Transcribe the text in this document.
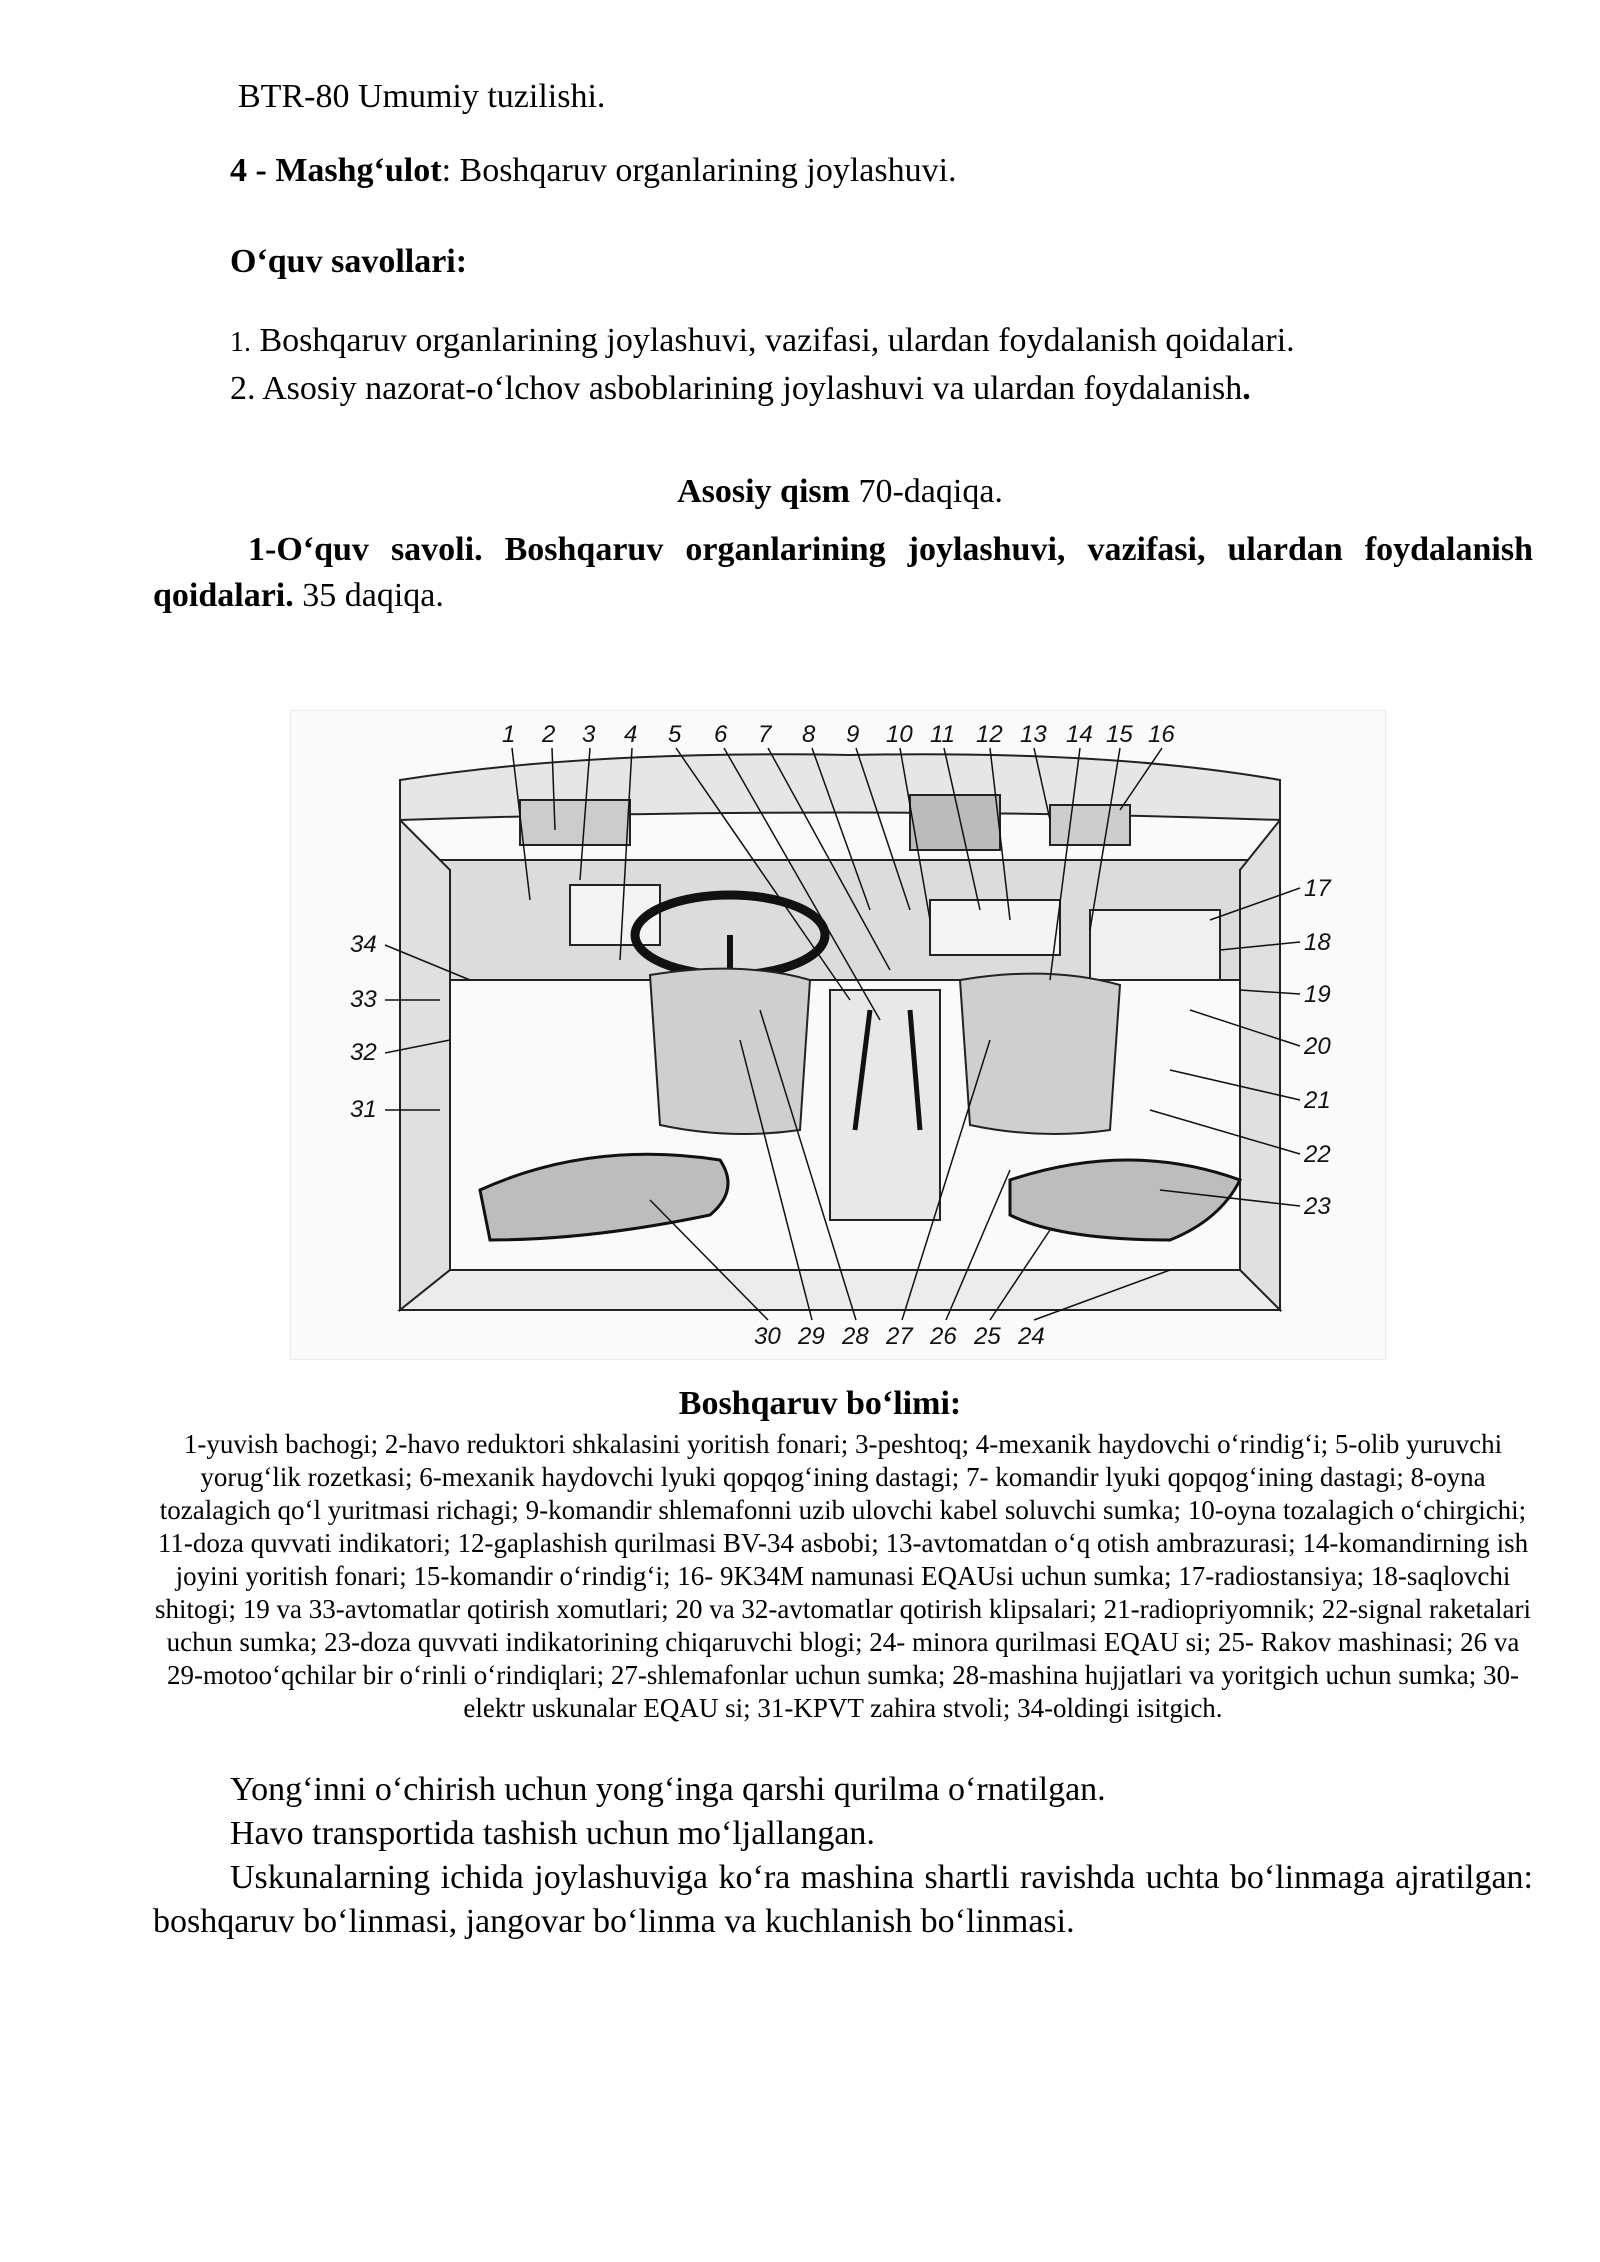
BTR-80 Umumiy tuzilishi.
4 - Mashg‘ulot: Boshqaruv organlarining joylashuvi.
O‘quv savollari:
1. Boshqaruv organlarining joylashuvi, vazifasi, ulardan foydalanish qoidalari.
2. Asosiy nazorat-o‘lchov asboblarining joylashuvi va ulardan foydalanish.
Asosiy qism 70-daqiqa.
1-O‘quv savoli. Boshqaruv organlarining joylashuvi, vazifasi, ulardan foydalanish qoidalari. 35 daqiqa.
1 2 3 4 5 6 7 8 9 10 11 12 13 14 15 16
17
18
19
20
21
22
23
30 29 28 27 26 25 24
34
33
32
31
Boshqaruv bo‘limi:
1-yuvish bachogi; 2-havo reduktori shkalasini yoritish fonari; 3-peshtoq; 4-mexanik haydovchi o‘rindig‘i; 5-olib yuruvchi yorug‘lik rozetkasi; 6-mexanik haydovchi lyuki qopqog‘ining dastagi; 7- komandir lyuki qopqog‘ining dastagi; 8-oyna tozalagich qo‘l yuritmasi richagi; 9-komandir shlemafonni uzib ulovchi kabel soluvchi sumka; 10-oyna tozalagich o‘chirgichi; 11-doza quvvati indikatori; 12-gaplashish qurilmasi BV-34 asbobi; 13-avtomatdan o‘q otish ambrazurasi; 14-komandirning ish joyini yoritish fonari; 15-komandir o‘rindig‘i; 16- 9K34M namunasi EQAUsi uchun sumka; 17-radiostansiya; 18-saqlovchi shitogi; 19 va 33-avtomatlar qotirish xomutlari; 20 va 32-avtomatlar qotirish klipsalari; 21-radiopriyomnik; 22-signal raketalari uchun sumka; 23-doza quvvati indikatorining chiqaruvchi blogi; 24- minora qurilmasi EQAU si; 25- Rakov mashinasi; 26 va 29-motoo‘qchilar bir o‘rinli o‘rindiqlari; 27-shlemafonlar uchun sumka; 28-mashina hujjatlari va yoritgich uchun sumka; 30- elektr uskunalar EQAU si; 31-KPVT zahira stvoli; 34-oldingi isitgich.
Yong‘inni o‘chirish uchun yong‘inga qarshi qurilma o‘rnatilgan.
Havo transportida tashish uchun mo‘ljallangan.
Uskunalarning ichida joylashuviga ko‘ra mashina shartli ravishda uchta bo‘linmaga ajratilgan: boshqaruv bo‘linmasi, jangovar bo‘linma va kuchlanish bo‘linmasi.
